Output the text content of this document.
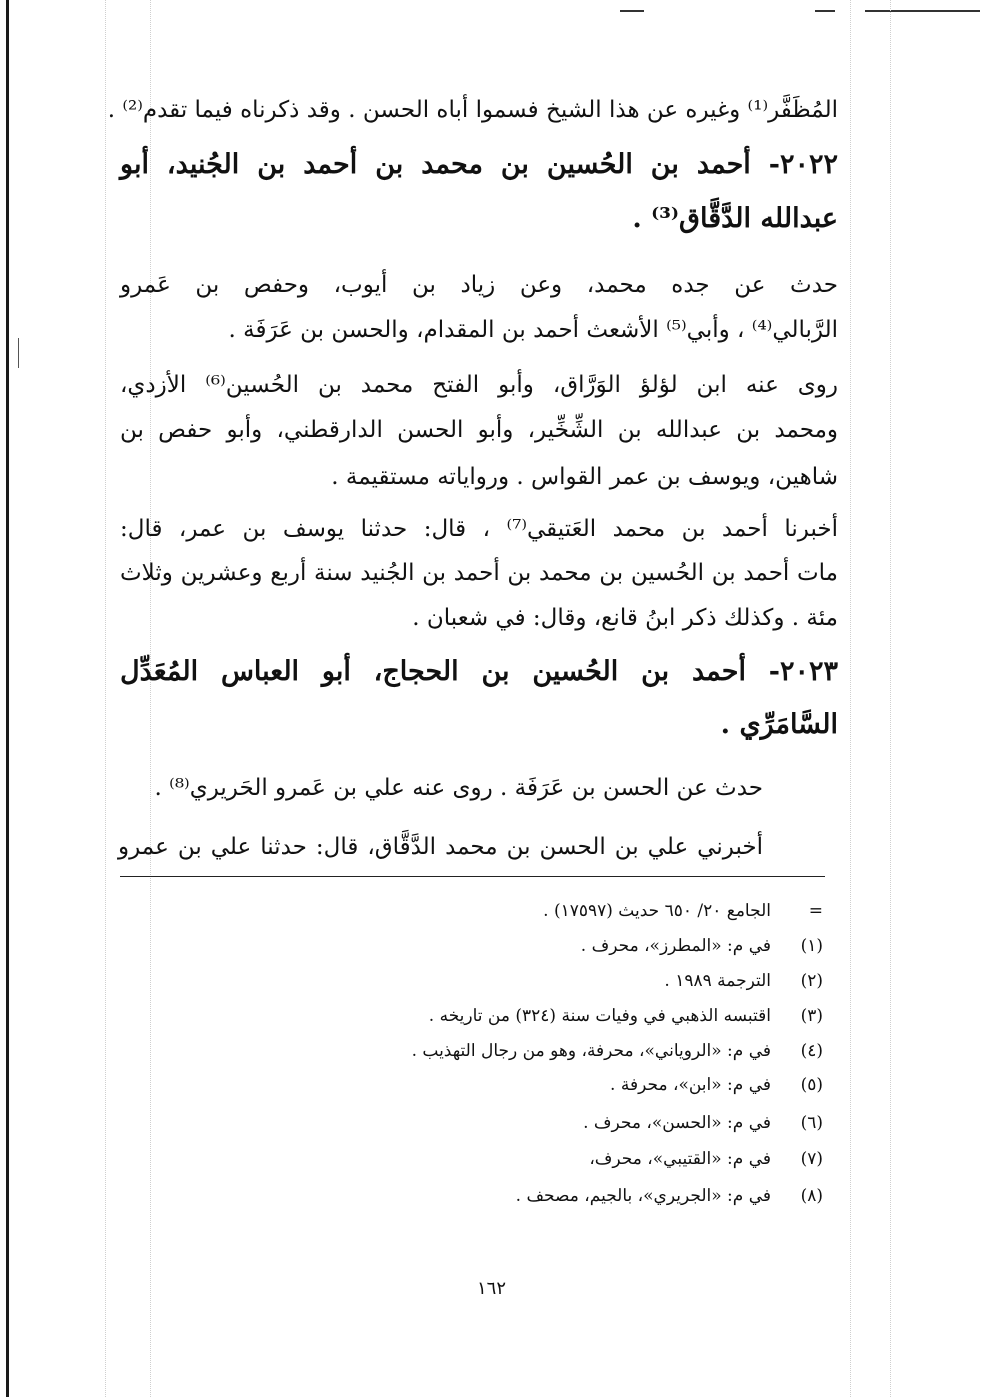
المُظَفَّر⁽¹⁾ وغيره عن هذا الشيخ فسموا أباه الحسن . وقد ذكرناه فيما تقدم⁽²⁾ .
٢٠٢٢- أحمد بن الحُسين بن محمد بن أحمد بن الجُنيد، أبو
عبدالله الدَّقَّاق⁽³⁾ .
حدث عن جده محمد، وعن زياد بن أيوب، وحفص بن عَمرو
الرَّبالي⁽⁴⁾ ، وأبي⁽⁵⁾ الأشعث أحمد بن المقدام، والحسن بن عَرَفَة .
روى عنه ابن لؤلؤ الوَرَّاق، وأبو الفتح محمد بن الحُسين⁽⁶⁾ الأزدي،
ومحمد بن عبدالله بن الشِّخِّير، وأبو الحسن الدارقطني، وأبو حفص بن
شاهين، ويوسف بن عمر القواس . ورواياته مستقيمة .
أخبرنا أحمد بن محمد العَتيقي⁽⁷⁾ ، قال: حدثنا يوسف بن عمر، قال:
مات أحمد بن الحُسين بن محمد بن أحمد بن الجُنيد سنة أربع وعشرين وثلاث
مئة . وكذلك ذكر ابنُ قانع، وقال: في شعبان .
٢٠٢٣- أحمد بن الحُسين بن الحجاج، أبو العباس المُعَدِّل
السَّامَرِّي .
حدث عن الحسن بن عَرَفَة . روى عنه علي بن عَمرو الحَريري⁽⁸⁾ .
أخبرني علي بن الحسن بن محمد الدَّقَّاق، قال: حدثنا علي بن عمرو
=
الجامع ٢٠/ ٦٥٠ حديث (١٧٥٩٧) .
(١)
في م: «المطرز»، محرف .
(٢)
الترجمة ١٩٨٩ .
(٣)
اقتبسه الذهبي في وفيات سنة (٣٢٤) من تاريخه .
(٤)
في م: «الروياني»، محرفة، وهو من رجال التهذيب .
(٥)
في م: «ابن»، محرفة .
(٦)
في م: «الحسن»، محرف .
(٧)
في م: «القتيبي»، محرف،
(٨)
في م: «الجريري»، بالجيم، مصحف .
١٦٢
